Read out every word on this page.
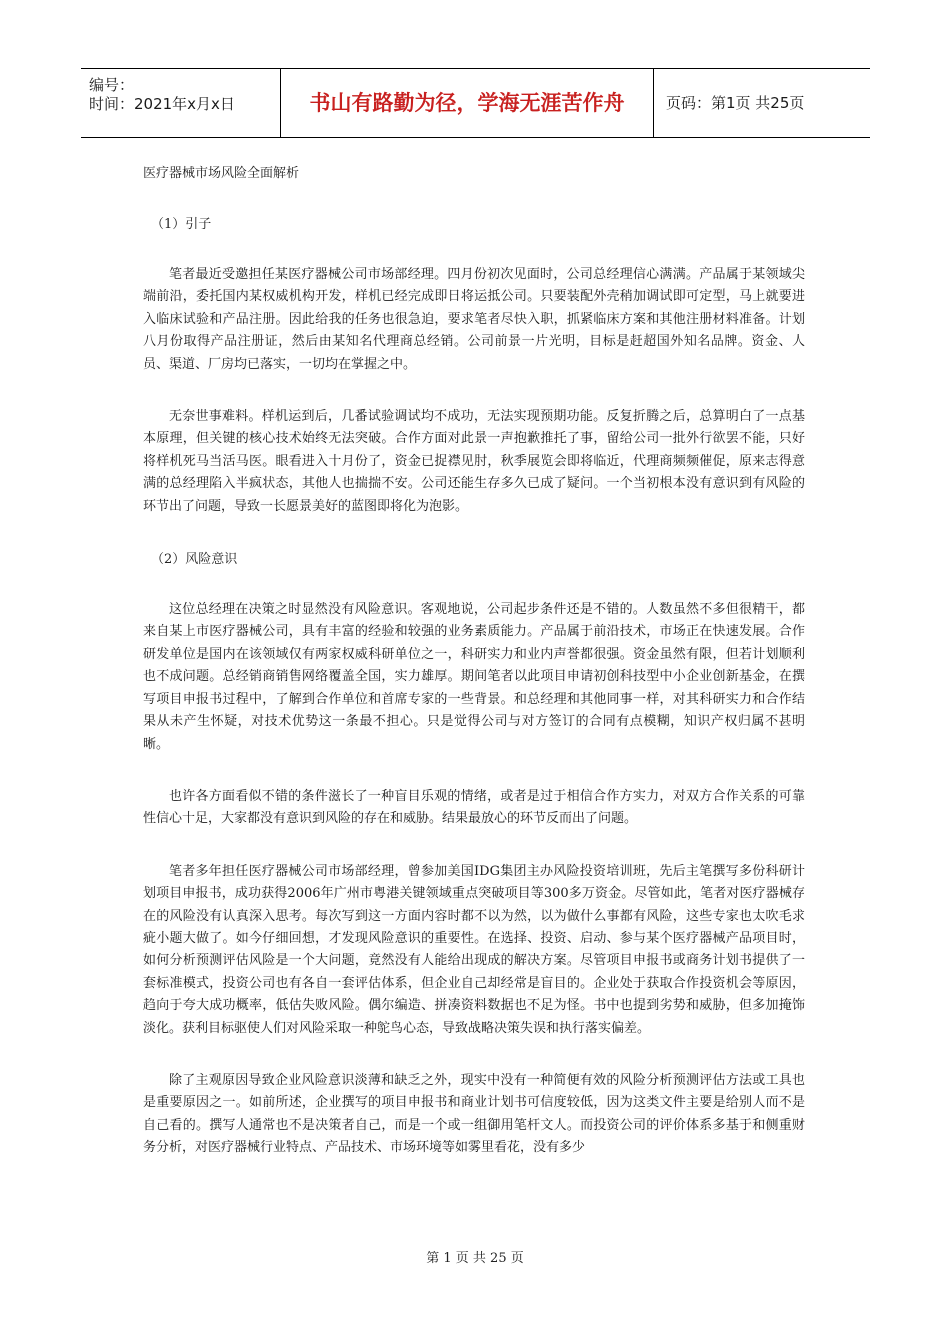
编号：
时间：2021年x月x日	书山有路勤为径，学海无涯苦作舟	页码：第1页 共25页
医疗器械市场风险全面解析
（1）引子

笔者最近受邀担任某医疗器械公司市场部经理。四月份初次见面时，公司总经理信心满满。产品属于某领域尖端前沿，委托国内某权威机构开发，样机已经完成即日将运抵公司。只要装配外壳稍加调试即可定型，马上就要进入临床试验和产品注册。因此给我的任务也很急迫，要求笔者尽快入职，抓紧临床方案和其他注册材料准备。计划八月份取得产品注册证，然后由某知名代理商总经销。公司前景一片光明，目标是赶超国外知名品牌。资金、人员、渠道、厂房均已落实，一切均在掌握之中。

无奈世事难料。样机运到后，几番试验调试均不成功，无法实现预期功能。反复折腾之后，总算明白了一点基本原理，但关键的核心技术始终无法突破。合作方面对此景一声抱歉推托了事，留给公司一批外行欲罢不能，只好将样机死马当活马医。眼看进入十月份了，资金已捉襟见肘，秋季展览会即将临近，代理商频频催促，原来志得意满的总经理陷入半疯状态，其他人也揣揣不安。公司还能生存多久已成了疑问。一个当初根本没有意识到有风险的环节出了问题，导致一长愿景美好的蓝图即将化为泡影。

（2）风险意识

这位总经理在决策之时显然没有风险意识。客观地说，公司起步条件还是不错的。人数虽然不多但很精干，都来自某上市医疗器械公司，具有丰富的经验和较强的业务素质能力。产品属于前沿技术，市场正在快速发展。合作研发单位是国内在该领域仅有两家权威科研单位之一，科研实力和业内声誉都很强。资金虽然有限，但若计划顺利也不成问题。总经销商销售网络覆盖全国，实力雄厚。期间笔者以此项目申请初创科技型中小企业创新基金，在撰写项目申报书过程中，了解到合作单位和首席专家的一些背景。和总经理和其他同事一样，对其科研实力和合作结果从未产生怀疑，对技术优势这一条最不担心。只是觉得公司与对方签订的合同有点模糊，知识产权归属不甚明晰。

也许各方面看似不错的条件滋长了一种盲目乐观的情绪，或者是过于相信合作方实力，对双方合作关系的可靠性信心十足，大家都没有意识到风险的存在和威胁。结果最放心的环节反而出了问题。

笔者多年担任医疗器械公司市场部经理，曾参加美国IDG集团主办风险投资培训班，先后主笔撰写多份科研计划项目申报书，成功获得2006年广州市粤港关键领域重点突破项目等300多万资金。尽管如此，笔者对医疗器械存在的风险没有认真深入思考。每次写到这一方面内容时都不以为然，以为做什么事都有风险，这些专家也太吹毛求疵小题大做了。如今仔细回想，才发现风险意识的重要性。在选择、投资、启动、参与某个医疗器械产品项目时，如何分析预测评估风险是一个大问题，竟然没有人能给出现成的解决方案。尽管项目申报书或商务计划书提供了一套标准模式，投资公司也有各自一套评估体系，但企业自己却经常是盲目的。企业处于获取合作投资机会等原因，趋向于夸大成功概率，低估失败风险。偶尔编造、拼凑资料数据也不足为怪。书中也提到劣势和威胁，但多加掩饰淡化。获利目标驱使人们对风险采取一种鸵鸟心态，导致战略决策失误和执行落实偏差。

除了主观原因导致企业风险意识淡薄和缺乏之外，现实中没有一种简便有效的风险分析预测评估方法或工具也是重要原因之一。如前所述，企业撰写的项目申报书和商业计划书可信度较低，因为这类文件主要是给别人而不是自己看的。撰写人通常也不是决策者自己，而是一个或一组御用笔杆文人。而投资公司的评价体系多基于和侧重财务分析，对医疗器械行业特点、产品技术、市场环境等如雾里看花，没有多少

第 1 页 共 25 页
